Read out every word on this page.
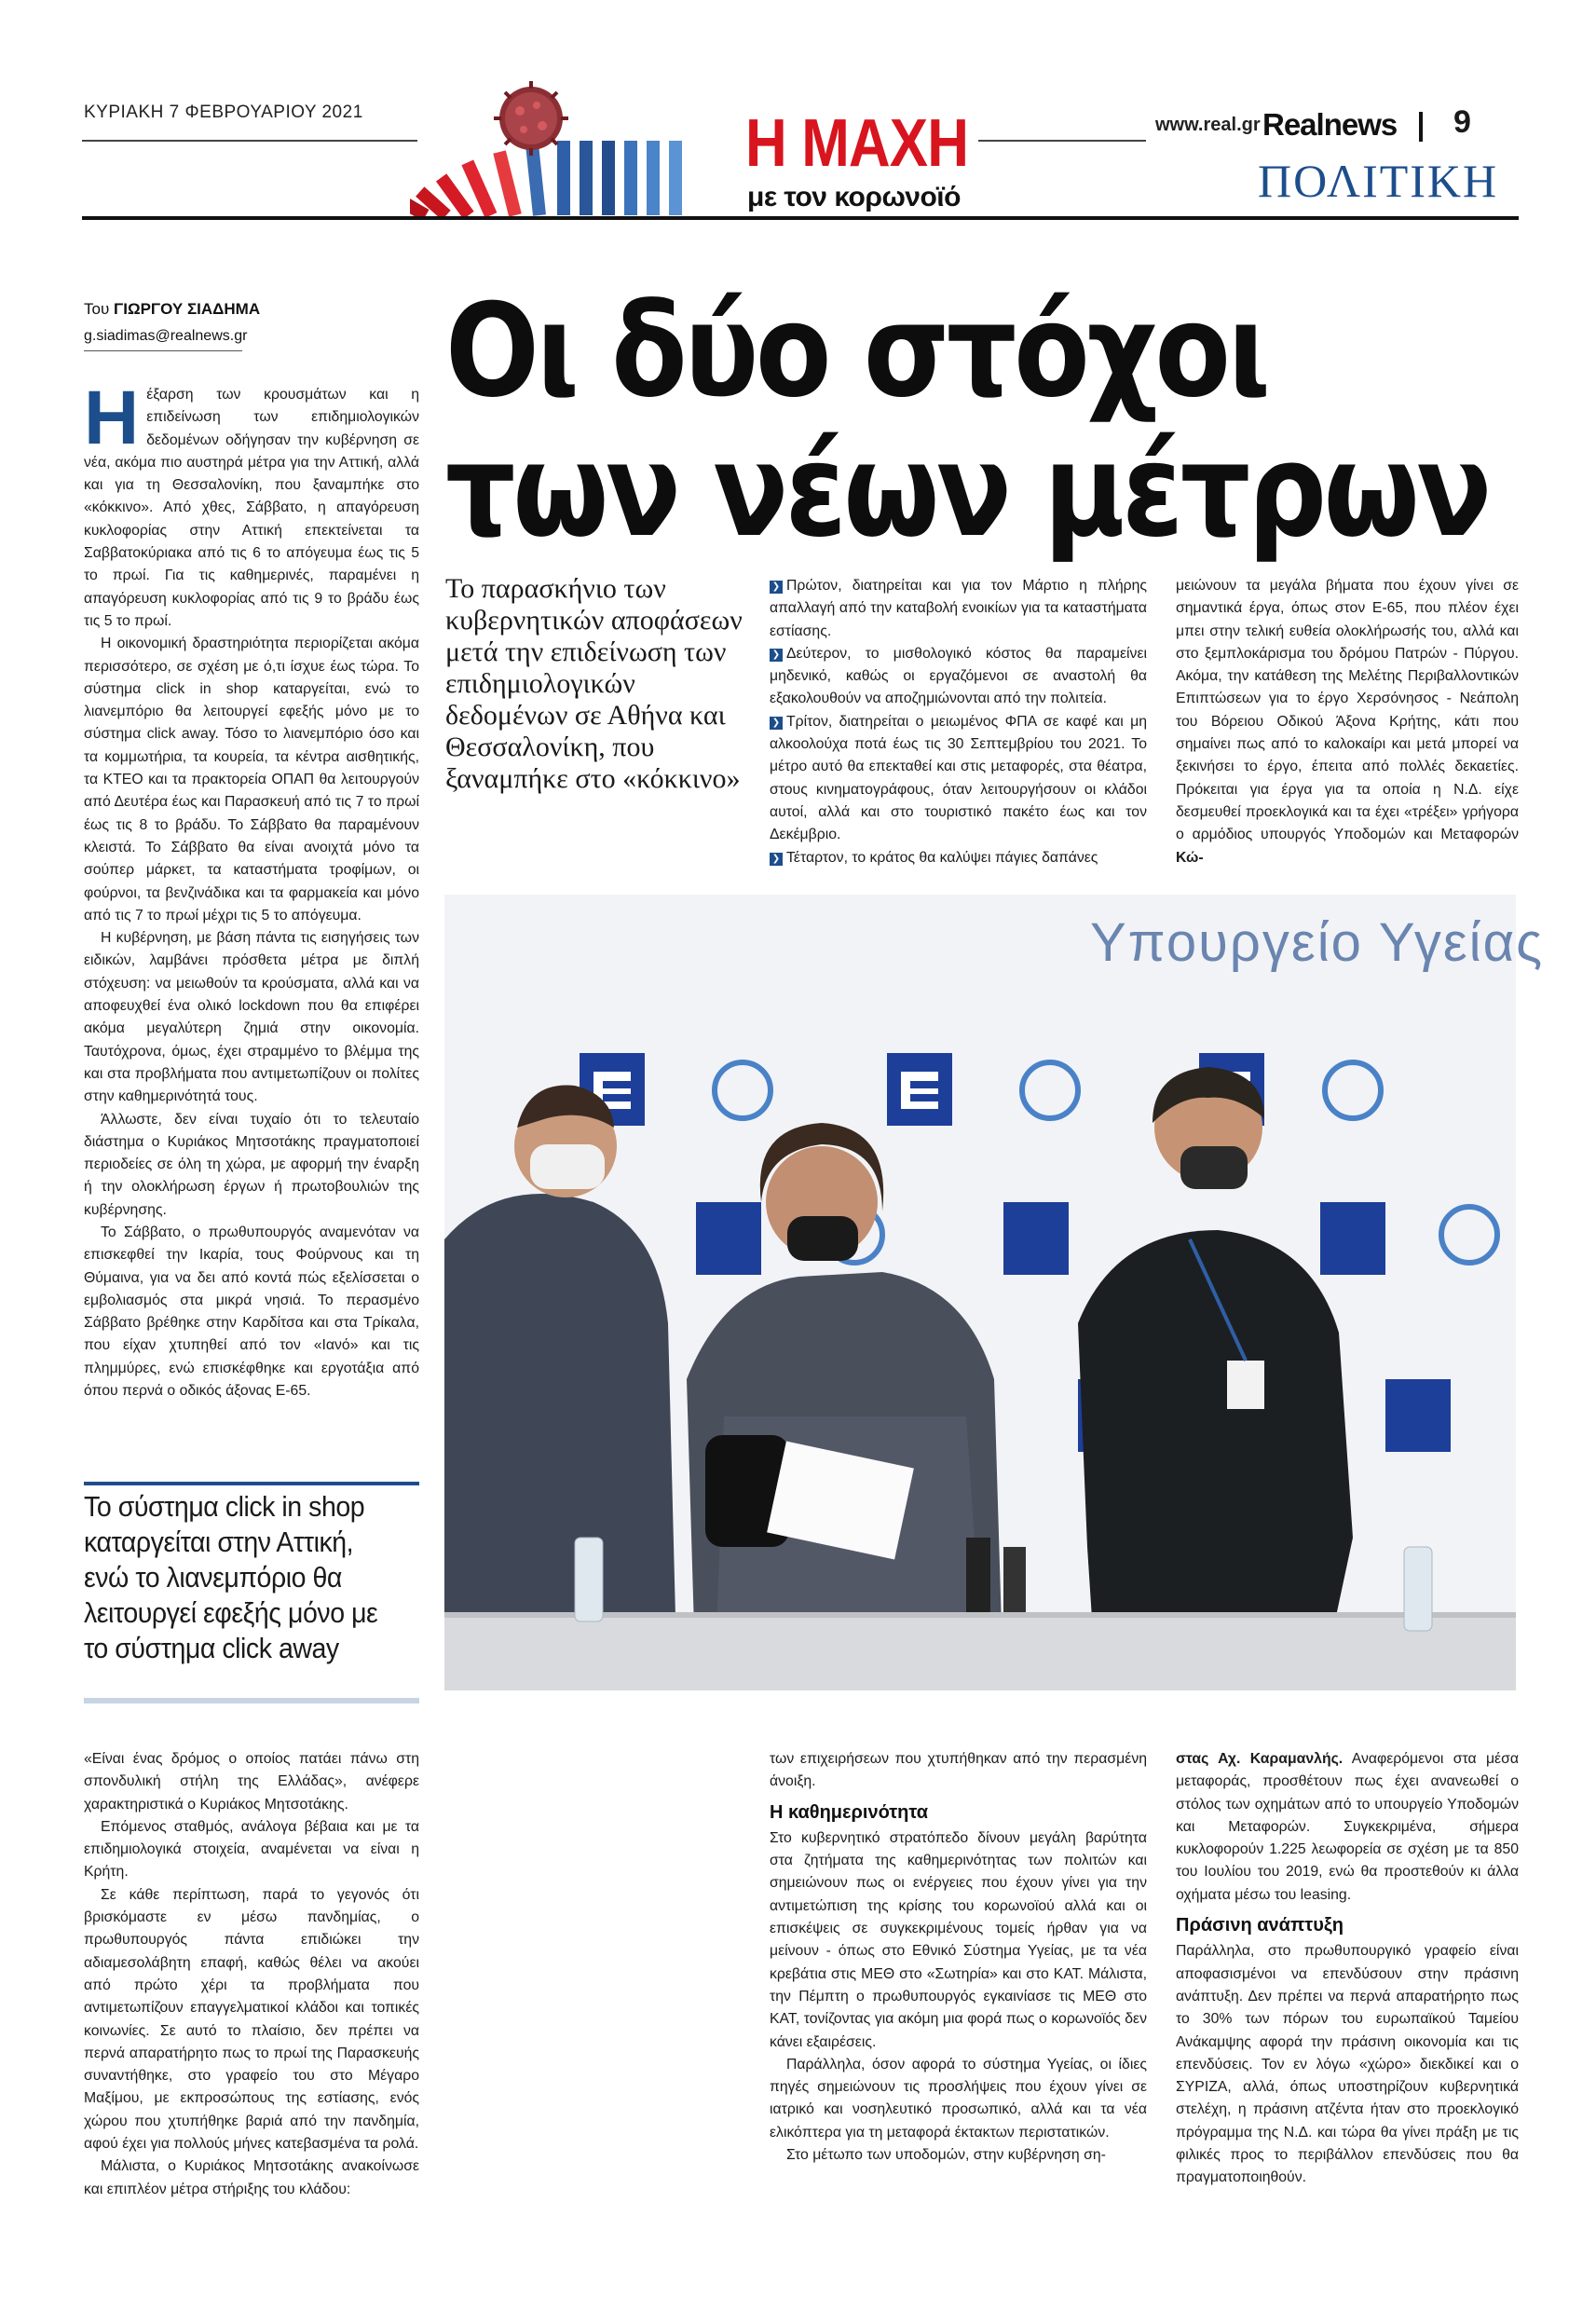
ΚΥΡΙΑΚΗ 7 ΦΕΒΡΟΥΑΡΙΟΥ 2021	Η ΜΑΧΗ
με τον κορωνοϊό
www.real.gr Realnews 9
ΠΟΛΙΤΙΚΗ
Του ΓΙΩΡΓΟΥ ΣΙΑΔΗΜΑ
g.siadimas@realnews.gr Οι δύο στόχοι
των νέων μέτρων
Το παρασκήνιο των κυβερνητικών αποφάσεων μετά την επιδείνωση των επιδημιολογικών δεδομένων σε Αθήνα και Θεσσαλονίκη, που ξαναμπήκε στο «κόκκινο»

Ηέξαρση των κρουσμάτων και η επιδείνωση των επιδημιολογικών δεδομένων οδήγησαν την κυβέρνηση σε νέα, ακόμα πιο αυστηρά μέτρα για την Αττική, αλλά και για τη Θεσσαλονίκη, που ξαναμπήκε στο «κόκκινο». Από χθες, Σάββατο, η απαγόρευση κυκλοφορίας στην Αττική επεκτείνεται τα Σαββατοκύριακα από τις 6 το απόγευμα έως τις 5 το πρωί. Για τις καθημερινές, παραμένει η απαγόρευση κυκλοφορίας από τις 9 το βράδυ έως τις 5 το πρωί.

Η οικονομική δραστηριότητα περιορίζεται ακόμα περισσότερο, σε σχέση με ό,τι ίσχυε έως τώρα. Το σύστημα click in shop καταργείται, ενώ το λιανεμπόριο θα λειτουργεί εφεξής μόνο με το σύστημα click away. Τόσο το λιανεμπόριο όσο και τα κομμωτήρια, τα κουρεία, τα κέντρα αισθητικής, τα ΚΤΕΟ και τα πρακτορεία ΟΠΑΠ θα λειτουργούν από Δευτέρα έως και Παρασκευή από τις 7 το πρωί έως τις 8 το βράδυ. Το Σάββατο θα παραμένουν κλειστά. Το Σάββατο θα είναι ανοιχτά μόνο τα σούπερ μάρκετ, τα καταστήματα τροφίμων, οι φούρνοι, τα βενζινάδικα και τα φαρμακεία και μόνο από τις 7 το πρωί μέχρι τις 5 το απόγευμα.

Η κυβέρνηση, με βάση πάντα τις εισηγήσεις των ειδικών, λαμβάνει πρόσθετα μέτρα με διπλή στόχευση: να μειωθούν τα κρούσματα, αλλά και να αποφευχθεί ένα ολικό lockdown που θα επιφέρει ακόμα μεγαλύτερη ζημιά στην οικονομία. Ταυτόχρονα, όμως, έχει στραμμένο το βλέμμα της και στα προβλήματα που αντιμετωπίζουν οι πολίτες στην καθημερινότητά τους.

Άλλωστε, δεν είναι τυχαίο ότι το τελευταίο διάστημα ο Κυριάκος Μητσοτάκης πραγματοποιεί περιοδείες σε όλη τη χώρα, με αφορμή την έναρξη ή την ολοκλήρωση έργων ή πρωτοβουλιών της κυβέρνησης.

Το Σάββατο, ο πρωθυπουργός αναμενόταν να επισκεφθεί την Ικαρία, τους Φούρνους και τη Θύμαινα, για να δει από κοντά πώς εξελίσσεται ο εμβολιασμός στα μικρά νησιά. Το περασμένο Σάββατο βρέθηκε στην Καρδίτσα και στα Τρίκαλα, που είχαν χτυπηθεί από τον «Ιανό» και τις πλημμύρες, ενώ επισκέφθηκε και εργοτάξια από όπου περνά ο οδικός άξονας Ε-65.

Το σύστημα click in shop καταργείται στην Αττική, ενώ το λιανεμπόριο θα λειτουργεί εφεξής μόνο με το σύστημα click away

❯ Πρώτον, διατηρείται και για τον Μάρτιο η πλήρης απαλλαγή από την καταβολή ενοικίων για τα καταστήματα εστίασης.

❯ Δεύτερον, το μισθολογικό κόστος θα παραμείνει μηδενικό, καθώς οι εργαζόμενοι σε αναστολή θα εξακολουθούν να αποζημιώνονται από την πολιτεία.

❯ Τρίτον, διατηρείται ο μειωμένος ΦΠΑ σε καφέ και μη αλκοολούχα ποτά έως τις 30 Σεπτεμβρίου του 2021. Το μέτρο αυτό θα επεκταθεί και στις μεταφορές, στα θέατρα, στους κινηματογράφους, όταν λειτουργήσουν οι κλάδοι αυτοί, αλλά και στο τουριστικό πακέτο έως και τον Δεκέμβριο.

❯ Τέταρτον, το κράτος θα καλύψει πάγιες δαπάνες

μειώνουν τα μεγάλα βήματα που έχουν γίνει σε σημαντικά έργα, όπως στον Ε-65, που πλέον έχει μπει στην τελική ευθεία ολοκλήρωσής του, αλλά και στο ξεμπλοκάρισμα του δρόμου Πατρών - Πύργου. Ακόμα, την κατάθεση της Μελέτης Περιβαλλοντικών Επιπτώσεων για το έργο Χερσόνησος - Νεάπολη του Βόρειου Οδικού Άξονα Κρήτης, κάτι που σημαίνει πως από το καλοκαίρι και μετά μπορεί να ξεκινήσει το έργο, έπειτα από πολλές δεκαετίες. Πρόκειται για έργα για τα οποία η Ν.Δ. είχε δεσμευθεί προεκλογικά και τα έχει «τρέξει» γρήγορα ο αρμόδιος υπουργός Υποδομών και Μεταφορών Κώ-

Υπουργείο Υγείας

«Είναι ένας δρόμος ο οποίος πατάει πάνω στη σπονδυλική στήλη της Ελλάδας», ανέφερε χαρακτηριστικά ο Κυριάκος Μητσοτάκης.

Επόμενος σταθμός, ανάλογα βέβαια και με τα επιδημιολογικά στοιχεία, αναμένεται να είναι η Κρήτη.

Σε κάθε περίπτωση, παρά το γεγονός ότι βρισκόμαστε εν μέσω πανδημίας, ο πρωθυπουργός πάντα επιδιώκει την αδιαμεσολάβητη επαφή, καθώς θέλει να ακούει από πρώτο χέρι τα προβλήματα που αντιμετωπίζουν επαγγελματικοί κλάδοι και τοπικές κοινωνίες. Σε αυτό το πλαίσιο, δεν πρέπει να περνά απαρατήρητο πως το πρωί της Παρασκευής συναντήθηκε, στο γραφείο του στο Μέγαρο Μαξίμου, με εκπροσώπους της εστίασης, ενός χώρου που χτυπήθηκε βαριά από την πανδημία, αφού έχει για πολλούς μήνες κατεβασμένα τα ρολά.

Μάλιστα, ο Κυριάκος Μητσοτάκης ανακοίνωσε και επιπλέον μέτρα στήριξης του κλάδου:

των επιχειρήσεων που χτυπήθηκαν από την περασμένη άνοιξη.

Η καθημερινότητα

Στο κυβερνητικό στρατόπεδο δίνουν μεγάλη βαρύτητα στα ζητήματα της καθημερινότητας των πολιτών και σημειώνουν πως οι ενέργειες που έχουν γίνει για την αντιμετώπιση της κρίσης του κορωνοϊού αλλά και οι επισκέψεις σε συγκεκριμένους τομείς ήρθαν για να μείνουν - όπως στο Εθνικό Σύστημα Υγείας, με τα νέα κρεβάτια στις ΜΕΘ στο «Σωτηρία» και στο ΚΑΤ. Μάλιστα, την Πέμπτη ο πρωθυπουργός εγκαινίασε τις ΜΕΘ στο ΚΑΤ, τονίζοντας για ακόμη μια φορά πως ο κορωνοϊός δεν κάνει εξαιρέσεις.

Παράλληλα, όσον αφορά το σύστημα Υγείας, οι ίδιες πηγές σημειώνουν τις προσλήψεις που έχουν γίνει σε ιατρικό και νοσηλευτικό προσωπικό, αλλά και τα νέα ελικόπτερα για τη μεταφορά έκτακτων περιστατικών.

Στο μέτωπο των υποδομών, στην κυβέρνηση ση-

στας Αχ. Καραμανλής. Αναφερόμενοι στα μέσα μεταφοράς, προσθέτουν πως έχει ανανεωθεί ο στόλος των οχημάτων από το υπουργείο Υποδομών και Μεταφορών. Συγκεκριμένα, σήμερα κυκλοφορούν 1.225 λεωφορεία σε σχέση με τα 850 του Ιουλίου του 2019, ενώ θα προστεθούν κι άλλα οχήματα μέσω του leasing.

Πράσινη ανάπτυξη

Παράλληλα, στο πρωθυπουργικό γραφείο είναι αποφασισμένοι να επενδύσουν στην πράσινη ανάπτυξη. Δεν πρέπει να περνά απαρατήρητο πως το 30% των πόρων του ευρωπαϊκού Ταμείου Ανάκαμψης αφορά την πράσινη οικονομία και τις επενδύσεις. Τον εν λόγω «χώρο» διεκδικεί και ο ΣΥΡΙΖΑ, αλλά, όπως υποστηρίζουν κυβερνητικά στελέχη, η πράσινη ατζέντα ήταν στο προεκλογικό πρόγραμμα της Ν.Δ. και τώρα θα γίνει πράξη με τις φιλικές προς το περιβάλλον επενδύσεις που θα πραγματοποιηθούν.
